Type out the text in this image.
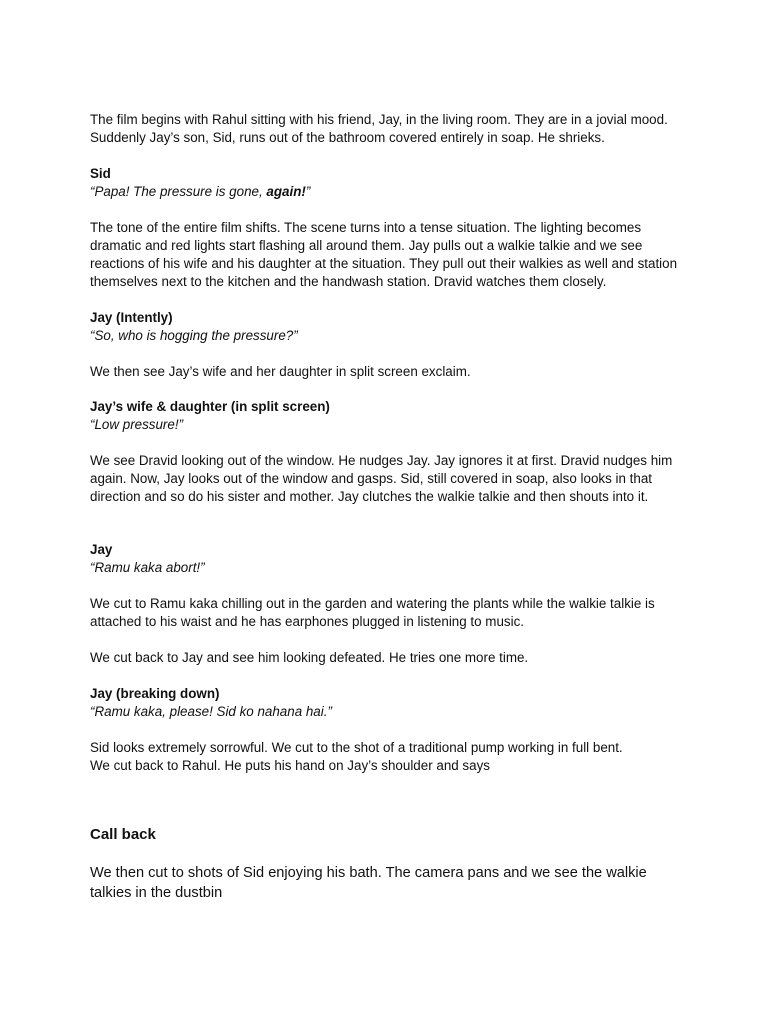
The film begins with Rahul sitting with his friend, Jay, in the living room. They are in a jovial mood. Suddenly Jay’s son, Sid, runs out of the bathroom covered entirely in soap. He shrieks.

Sid

“Papa! The pressure is gone, again!”

The tone of the entire film shifts. The scene turns into a tense situation. The lighting becomes dramatic and red lights start flashing all around them. Jay pulls out a walkie talkie and we see reactions of his wife and his daughter at the situation. They pull out their walkies as well and station themselves next to the kitchen and the handwash station. Dravid watches them closely.

Jay (Intently)

“So, who is hogging the pressure?”

We then see Jay’s wife and her daughter in split screen exclaim.

Jay’s wife & daughter (in split screen)

“Low pressure!”

We see Dravid looking out of the window. He nudges Jay. Jay ignores it at first. Dravid nudges him again. Now, Jay looks out of the window and gasps. Sid, still covered in soap, also looks in that direction and so do his sister and mother. Jay clutches the walkie talkie and then shouts into it.

Jay

“Ramu kaka abort!”

We cut to Ramu kaka chilling out in the garden and watering the plants while the walkie talkie is attached to his waist and he has earphones plugged in listening to music.

We cut back to Jay and see him looking defeated. He tries one more time.

Jay (breaking down)

“Ramu kaka, please! Sid ko nahana hai.”

Sid looks extremely sorrowful. We cut to the shot of a traditional pump working in full bent.

We cut back to Rahul. He puts his hand on Jay’s shoulder and says

Call back

We then cut to shots of Sid enjoying his bath. The camera pans and we see the walkie talkies in the dustbin
